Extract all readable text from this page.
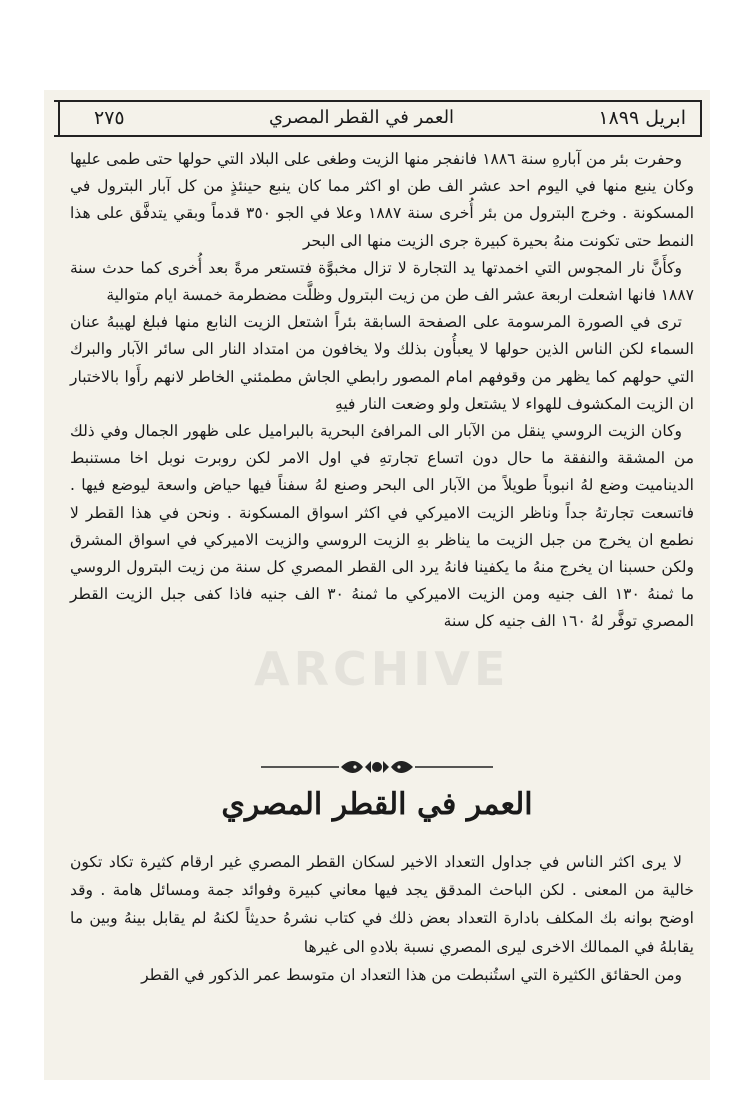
ابريل ١٨٩٩
العمر في القطر المصري
٢٧٥

وحفرت بئر من آبارهِ سنة ١٨٨٦ فانفجر منها الزيت وطغى على البلاد التي حولها حتى طمى عليها وكان ينبع منها في اليوم احد عشر الف طن او اكثر مما كان ينبع حينئذٍ من كل آبار البترول في المسكونة . وخرج البترول من بئر أُخرى سنة ١٨٨٧ وعلا في الجو ٣٥٠ قدماً وبقي يتدفَّق على هذا النمط حتى تكونت منهُ بحيرة كبيرة جرى الزيت منها الى البحر

وكأَنَّ نار المجوس التي اخمدتها يد التجارة لا تزال مخبوَّة فتستعر مرةً بعد أُخرى كما حدث سنة ١٨٨٧ فانها اشعلت اربعة عشر الف طن من زيت البترول وظلَّت مضطرمة خمسة ايام متوالية

ترى في الصورة المرسومة على الصفحة السابقة بئراً اشتعل الزيت النابع منها فبلغ لهيبهُ عنان السماء لكن الناس الذين حولها لا يعبأُون بذلك ولا يخافون من امتداد النار الى سائر الآبار والبرك التي حولهم كما يظهر من وقوفهم امام المصور رابطي الجاش مطمئني الخاطر لانهم رأَوا بالاختبار ان الزيت المكشوف للهواء لا يشتعل ولو وضعت النار فيهِ

وكان الزيت الروسي ينقل من الآبار الى المرافئ البحرية بالبراميل على ظهور الجمال وفي ذلك من المشقة والنفقة ما حال دون اتساع تجارتهِ في اول الامر لكن روبرت نوبل اخا مستنبط الديناميت وضع لهُ انبوباً طويلاً من الآبار الى البحر وصنع لهُ سفناً فيها حياض واسعة ليوضع فيها . فاتسعت تجارتهُ جداً وناظر الزيت الاميركي في اكثر اسواق المسكونة . ونحن في هذا القطر لا نطمع ان يخرج من جبل الزيت ما يناظر بهِ الزيت الروسي والزيت الاميركي في اسواق المشرق ولكن حسبنا ان يخرج منهُ ما يكفينا فانهُ يرد الى القطر المصري كل سنة من زيت البترول الروسي ما ثمنهُ ١٣٠ الف جنيه ومن الزيت الاميركي ما ثمنهُ ٣٠ الف جنيه فاذا كفى جبل الزيت القطر المصري توفَّر لهُ ١٦٠ الف جنيه كل سنة

ARCHIVE
العمر في القطر المصري

لا يرى اكثر الناس في جداول التعداد الاخير لسكان القطر المصري غير ارقام كثيرة تكاد تكون خالية من المعنى . لكن الباحث المدقق يجد فيها معاني كبيرة وفوائد جمة ومسائل هامة . وقد اوضح بوانه بك المكلف بادارة التعداد بعض ذلك في كتاب نشرهُ حديثاً لكنهُ لم يقابل بينهُ وبين ما يقابلهُ في الممالك الاخرى ليرى المصري نسبة بلادهِ الى غيرها

ومن الحقائق الكثيرة التي استُنبطت من هذا التعداد ان متوسط عمر الذكور في القطر
